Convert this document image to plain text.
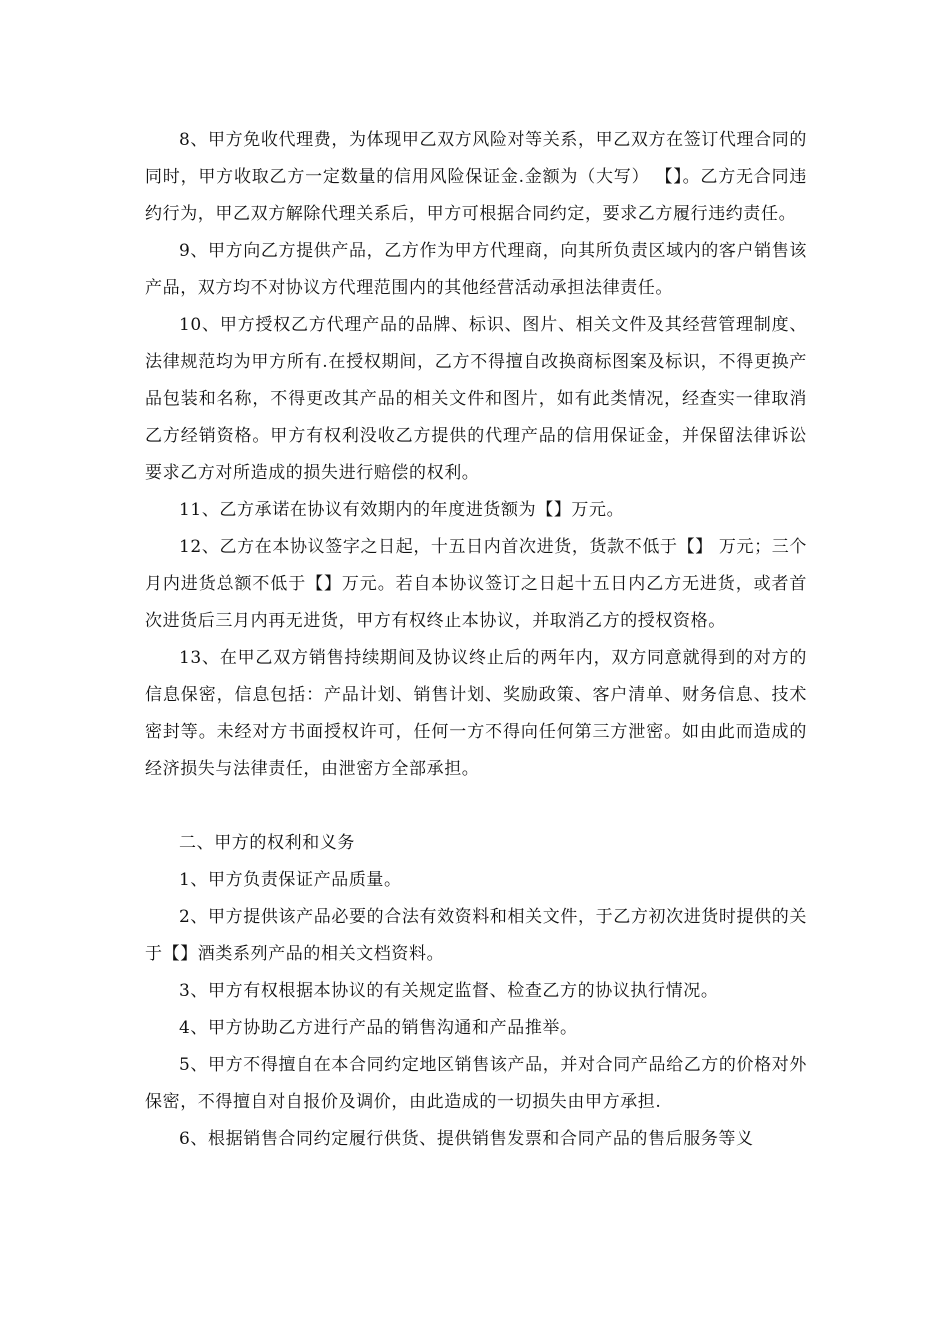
8、甲方免收代理费，为体现甲乙双方风险对等关系，甲乙双方在签订代理合同的同时，甲方收取乙方一定数量的信用风险保证金.金额为（大写） 【】。乙方无合同违约行为，甲乙双方解除代理关系后，甲方可根据合同约定，要求乙方履行违约责任。

9、甲方向乙方提供产品，乙方作为甲方代理商，向其所负责区域内的客户销售该产品，双方均不对协议方代理范围内的其他经营活动承担法律责任。

10、甲方授权乙方代理产品的品牌、标识、图片、相关文件及其经营管理制度、法律规范均为甲方所有.在授权期间，乙方不得擅自改换商标图案及标识，不得更换产品包装和名称，不得更改其产品的相关文件和图片，如有此类情况，经查实一律取消乙方经销资格。甲方有权利没收乙方提供的代理产品的信用保证金，并保留法律诉讼要求乙方对所造成的损失进行赔偿的权利。

11、乙方承诺在协议有效期内的年度进货额为【】万元。

12、乙方在本协议签字之日起，十五日内首次进货，货款不低于【】 万元；三个月内进货总额不低于【】万元。若自本协议签订之日起十五日内乙方无进货，或者首次进货后三月内再无进货，甲方有权终止本协议，并取消乙方的授权资格。

13、在甲乙双方销售持续期间及协议终止后的两年内，双方同意就得到的对方的信息保密，信息包括：产品计划、销售计划、奖励政策、客户清单、财务信息、技术密封等。未经对方书面授权许可，任何一方不得向任何第三方泄密。如由此而造成的经济损失与法律责任，由泄密方全部承担。

二、甲方的权利和义务

1、甲方负责保证产品质量。

2、甲方提供该产品必要的合法有效资料和相关文件，于乙方初次进货时提供的关于【】酒类系列产品的相关文档资料。

3、甲方有权根据本协议的有关规定监督、检查乙方的协议执行情况。

4、甲方协助乙方进行产品的销售沟通和产品推举。

5、甲方不得擅自在本合同约定地区销售该产品，并对合同产品给乙方的价格对外保密，不得擅自对自报价及调价，由此造成的一切损失由甲方承担.

6、根据销售合同约定履行供货、提供销售发票和合同产品的售后服务等义
